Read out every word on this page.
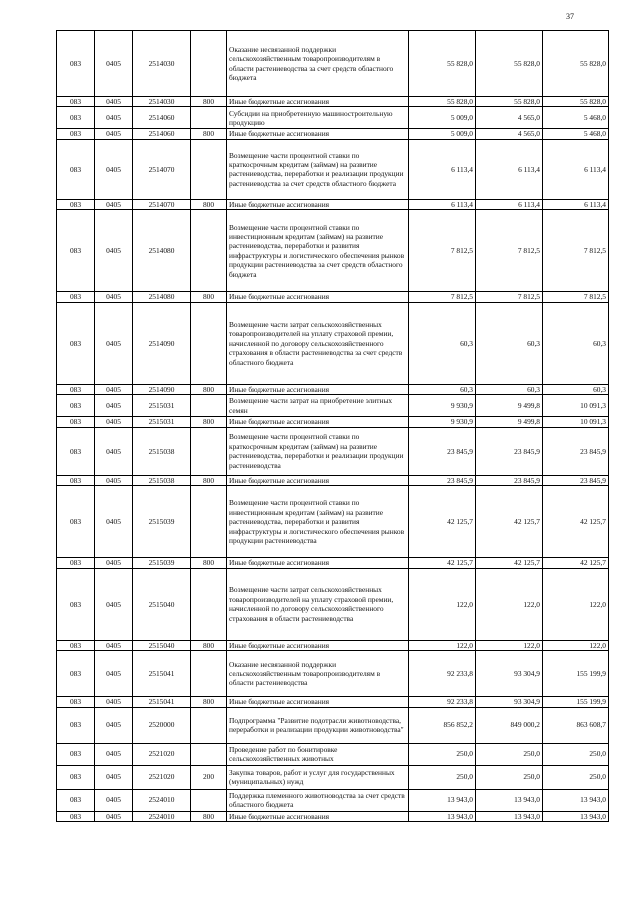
37
083	0405	2514030		Оказание несвязанной поддержки сельскохозяйственным товаропроизводителям в области растениеводства за счет средств областного бюджета	55 828,0	55 828,0	55 828,0
083	0405	2514030	800	Иные бюджетные ассигнования	55 828,0	55 828,0	55 828,0
083	0405	2514060		Субсидии на приобретенную машиностроительную продукцию	5 009,0	4 565,0	5 468,0
083	0405	2514060	800	Иные бюджетные ассигнования	5 009,0	4 565,0	5 468,0
083	0405	2514070		Возмещение части процентной ставки по краткосрочным кредитам (займам) на развитие растениеводства, переработки и реализации продукции растениеводства за счет средств областного бюджета	6 113,4	6 113,4	6 113,4
083	0405	2514070	800	Иные бюджетные ассигнования	6 113,4	6 113,4	6 113,4
083	0405	2514080		Возмещение части процентной ставки по инвестиционным кредитам (займам) на развитие растениеводства, переработки и развития инфраструктуры и логистического обеспечения рынков продукции растениеводства за счет средств областного бюджета	7 812,5	7 812,5	7 812,5
083	0405	2514080	800	Иные бюджетные ассигнования	7 812,5	7 812,5	7 812,5
083	0405	2514090		Возмещение части затрат сельскохозяйственных товаропроизводителей на уплату страховой премии, начисленной по договору сельскохозяйственного страхования в области растениеводства за счет средств областного бюджета	60,3	60,3	60,3
083	0405	2514090	800	Иные бюджетные ассигнования	60,3	60,3	60,3
083	0405	2515031		Возмещение части затрат на приобретение элитных семян	9 930,9	9 499,8	10 091,3
083	0405	2515031	800	Иные бюджетные ассигнования	9 930,9	9 499,8	10 091,3
083	0405	2515038		Возмещение части процентной ставки по краткосрочным кредитам (займам) на развитие растениеводства, переработки и реализации продукции растениеводства	23 845,9	23 845,9	23 845,9
083	0405	2515038	800	Иные бюджетные ассигнования	23 845,9	23 845,9	23 845,9
083	0405	2515039		Возмещение части процентной ставки по инвестиционным кредитам (займам) на развитие растениеводства, переработки и развития инфраструктуры и логистического обеспечения рынков продукции растениеводства	42 125,7	42 125,7	42 125,7
083	0405	2515039	800	Иные бюджетные ассигнования	42 125,7	42 125,7	42 125,7
083	0405	2515040		Возмещение части затрат сельскохозяйственных товаропроизводителей на уплату страховой премии, начисленной по договору сельскохозяйственного страхования в области растениеводства	122,0	122,0	122,0
083	0405	2515040	800	Иные бюджетные ассигнования	122,0	122,0	122,0
083	0405	2515041		Оказание несвязанной поддержки сельскохозяйственным товаропроизводителям в области растениеводства	92 233,8	93 304,9	155 199,9
083	0405	2515041	800	Иные бюджетные ассигнования	92 233,8	93 304,9	155 199,9
083	0405	2520000		Подпрограмма "Развитие подотрасли животноводства, переработки и реализации продукции животноводства"	856 852,2	849 000,2	863 608,7
083	0405	2521020		Проведение работ по бонитировке сельскохозяйственных животных	250,0	250,0	250,0
083	0405	2521020	200	Закупка товаров, работ и услуг для государственных (муниципальных) нужд	250,0	250,0	250,0
083	0405	2524010		Поддержка племенного животноводства за счет средств областного бюджета	13 943,0	13 943,0	13 943,0
083	0405	2524010	800	Иные бюджетные ассигнования	13 943,0	13 943,0	13 943,0
